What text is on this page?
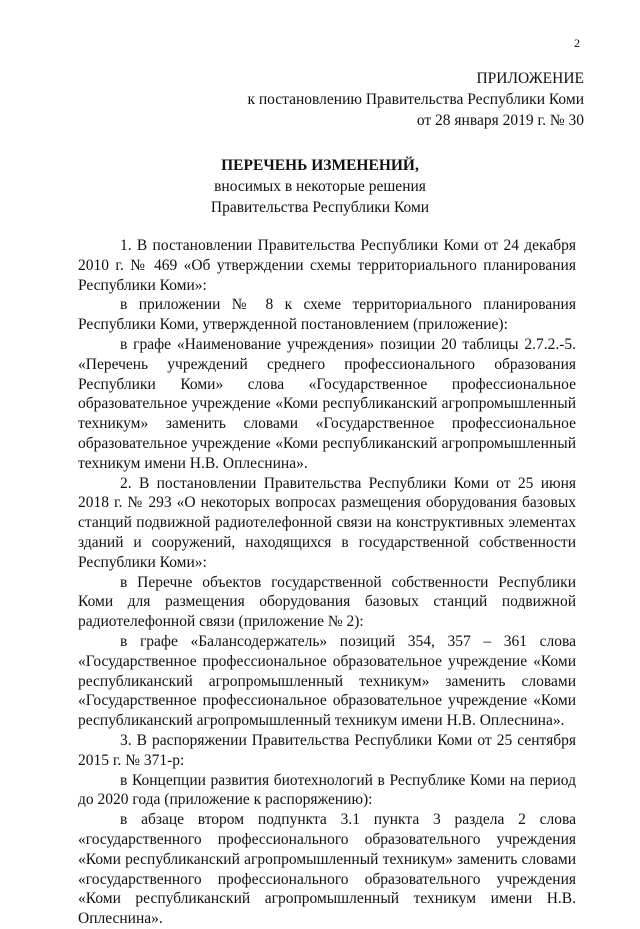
2
ПРИЛОЖЕНИЕ
к постановлению Правительства Республики Коми
от 28 января 2019 г. № 30
ПЕРЕЧЕНЬ ИЗМЕНЕНИЙ,
вносимых в некоторые решения
Правительства Республики Коми

1. В постановлении Правительства Республики Коми от 24 декабря 2010 г. № 469 «Об утверждении схемы территориального планирования Республики Коми»:

в приложении № 8 к схеме территориального планирования Республики Коми, утвержденной постановлением (приложение):

в графе «Наименование учреждения» позиции 20 таблицы 2.7.2.-5. «Перечень учреждений среднего профессионального образования Республики Коми» слова «Государственное профессиональное образовательное учреждение «Коми республиканский агропромышленный техникум» заменить словами «Государственное профессиональное образовательное учреждение «Коми республиканский агропромышленный техникум имени Н.В. Оплеснина».

2. В постановлении Правительства Республики Коми от 25 июня 2018 г. № 293 «О некоторых вопросах размещения оборудования базовых станций подвижной радиотелефонной связи на конструктивных элементах зданий и сооружений, находящихся в государственной собственности Республики Коми»:

в Перечне объектов государственной собственности Республики Коми для размещения оборудования базовых станций подвижной радиотелефонной связи (приложение № 2):

в графе «Балансодержатель» позиций 354, 357 – 361 слова «Государственное профессиональное образовательное учреждение «Коми республиканский агропромышленный техникум» заменить словами «Государственное профессиональное образовательное учреждение «Коми республиканский агропромышленный техникум имени Н.В. Оплеснина».

3. В распоряжении Правительства Республики Коми от 25 сентября 2015 г. № 371-р:

в Концепции развития биотехнологий в Республике Коми на период до 2020 года (приложение к распоряжению):

в абзаце втором подпункта 3.1 пункта 3 раздела 2 слова «государственного профессионального образовательного учреждения «Коми республиканский агропромышленный техникум» заменить словами «государственного профессионального образовательного учреждения «Коми республиканский агропромышленный техникум имени Н.В. Оплеснина».
